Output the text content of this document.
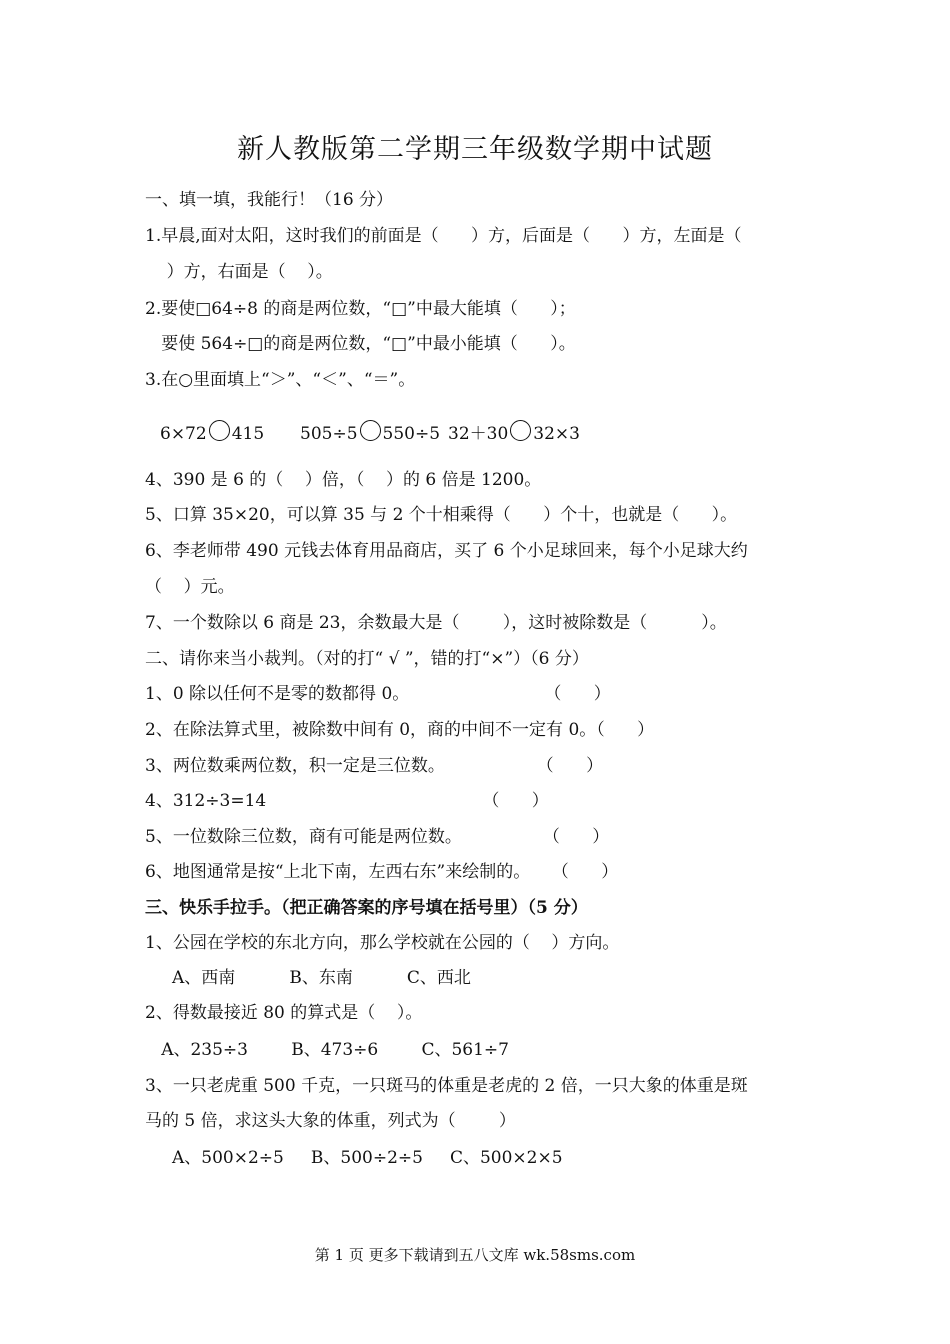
新人教版第二学期三年级数学期中试题
一、填一填，我能行！（16 分）
1.早晨,面对太阳，这时我们的前面是（      ）方，后面是（      ）方，左面是（
）方，右面是（    ）。
2.要使□64÷8 的商是两位数，“□”中最大能填（      ）；
要使 564÷□的商是两位数，“□”中最小能填（      ）。
3.在○里面填上“＞”、“＜”、“＝”。
6×72 415 505÷5 550÷5 32＋30 32×3
4、390 是 6 的（    ）倍，（    ）的 6 倍是 1200。
5、口算 35×20，可以算 35 与 2 个十相乘得（      ）个十，也就是（      ）。
6、李老师带 490 元钱去体育用品商店，买了 6 个小足球回来，每个小足球大约
（    ）元。
7、一个数除以 6 商是 23，余数最大是（        ），这时被除数是（          ）。
二、请你来当小裁判。（对的打“ √ ”，错的打“×”）（6 分）
1、0 除以任何不是零的数都得 0。                         （      ）
2、在除法算式里，被除数中间有 0，商的中间不一定有 0。（      ）
3、两位数乘两位数，积一定是三位数。                 （      ）
4、312÷3=14                                        （      ）
5、一位数除三位数，商有可能是两位数。               （      ）
6、地图通常是按“上北下南，左西右东”来绘制的。    （      ）
三、快乐手拉手。（把正确答案的序号填在括号里）（5 分）
1、公园在学校的东北方向，那么学校就在公园的（    ）方向。
A、西南          B、东南          C、西北
2、得数最接近 80 的算式是（    ）。
A、235÷3        B、473÷6        C、561÷7
3、一只老虎重 500 千克，一只斑马的体重是老虎的 2 倍，一只大象的体重是斑
马的 5 倍，求这头大象的体重，列式为（        ）
A、500×2÷5     B、500÷2÷5     C、500×2×5
第 1 页 更多下载请到五八文库 wk.58sms.com
